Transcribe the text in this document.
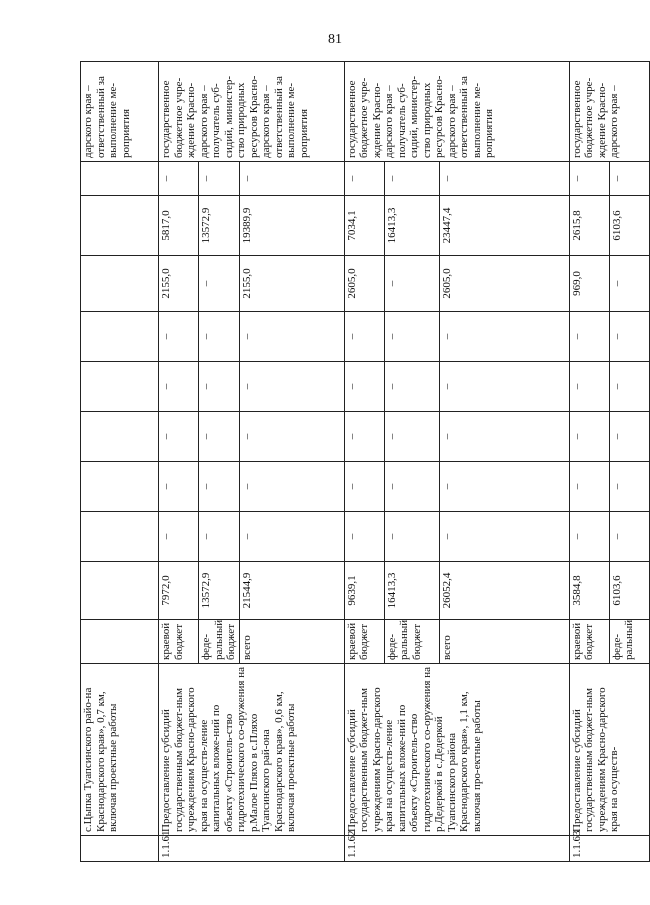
81
	с.Цыпка Туапсинского райо-на Краснодарского края», 0,7 км, включая проектные работы											дарского края – ответственный за выполнение ме-роприятия
1.1.61	Предоставление субсидий государственным бюджет-ным учреждениям Красно-дарского края на осуществ-ление капитальных вложе-ний по объекту «Строитель-ство гидротехнического со-оружения на р.Малое Пляхо в с.Пляхо Туапсинского рай-она Краснодарского края», 0,6 км, включая проектные работы	краевой бюджет	7972,0	–	–	–	–	–	2155,0	5817,0	–	государственное бюджетное учре-ждение Красно-дарского края – получатель суб-сидий, министер-ство природных ресурсов Красно-дарского края – ответственный за выполнение ме-роприятия
		феде-ральный бюджет	13572,9	–	–	–	–	–	–	13572,9	–	
		всего	21544,9	–	–	–	–	–	2155,0	19389,9	–	
1.1.62	Предоставление субсидий государственным бюджет-ным учреждениям Красно-дарского края на осуществ-ление капитальных вложе-ний по объекту «Строитель-ство гидротехнического со-оружения на р.Дедеркой в с.Дедеркой Туапсинского района Краснодарского края», 1,1 км, включая про-ектные работы	краевой бюджет	9639,1	–	–	–	–	–	2605,0	7034,1	–	государственное бюджетное учре-ждение Красно-дарского края – получатель суб-сидий, министер-ство природных ресурсов Красно-дарского края – ответственный за выполнение ме-роприятия
		феде-ральный бюджет	16413,3	–	–	–	–	–	–	16413,3	–	
		всего	26052,4	–	–	–	–	–	2605,0	23447,4	–	
1.1.63	Предоставление субсидий государственным бюджет-ным учреждениям Красно-дарского края на осуществ-	краевой бюджет	3584,8	–	–	–	–	–	969,0	2615,8	–	государственное бюджетное учре-ждение Красно-дарского края –
		феде-ральный	6103,6	–	–	–	–	–	–	6103,6	–	
